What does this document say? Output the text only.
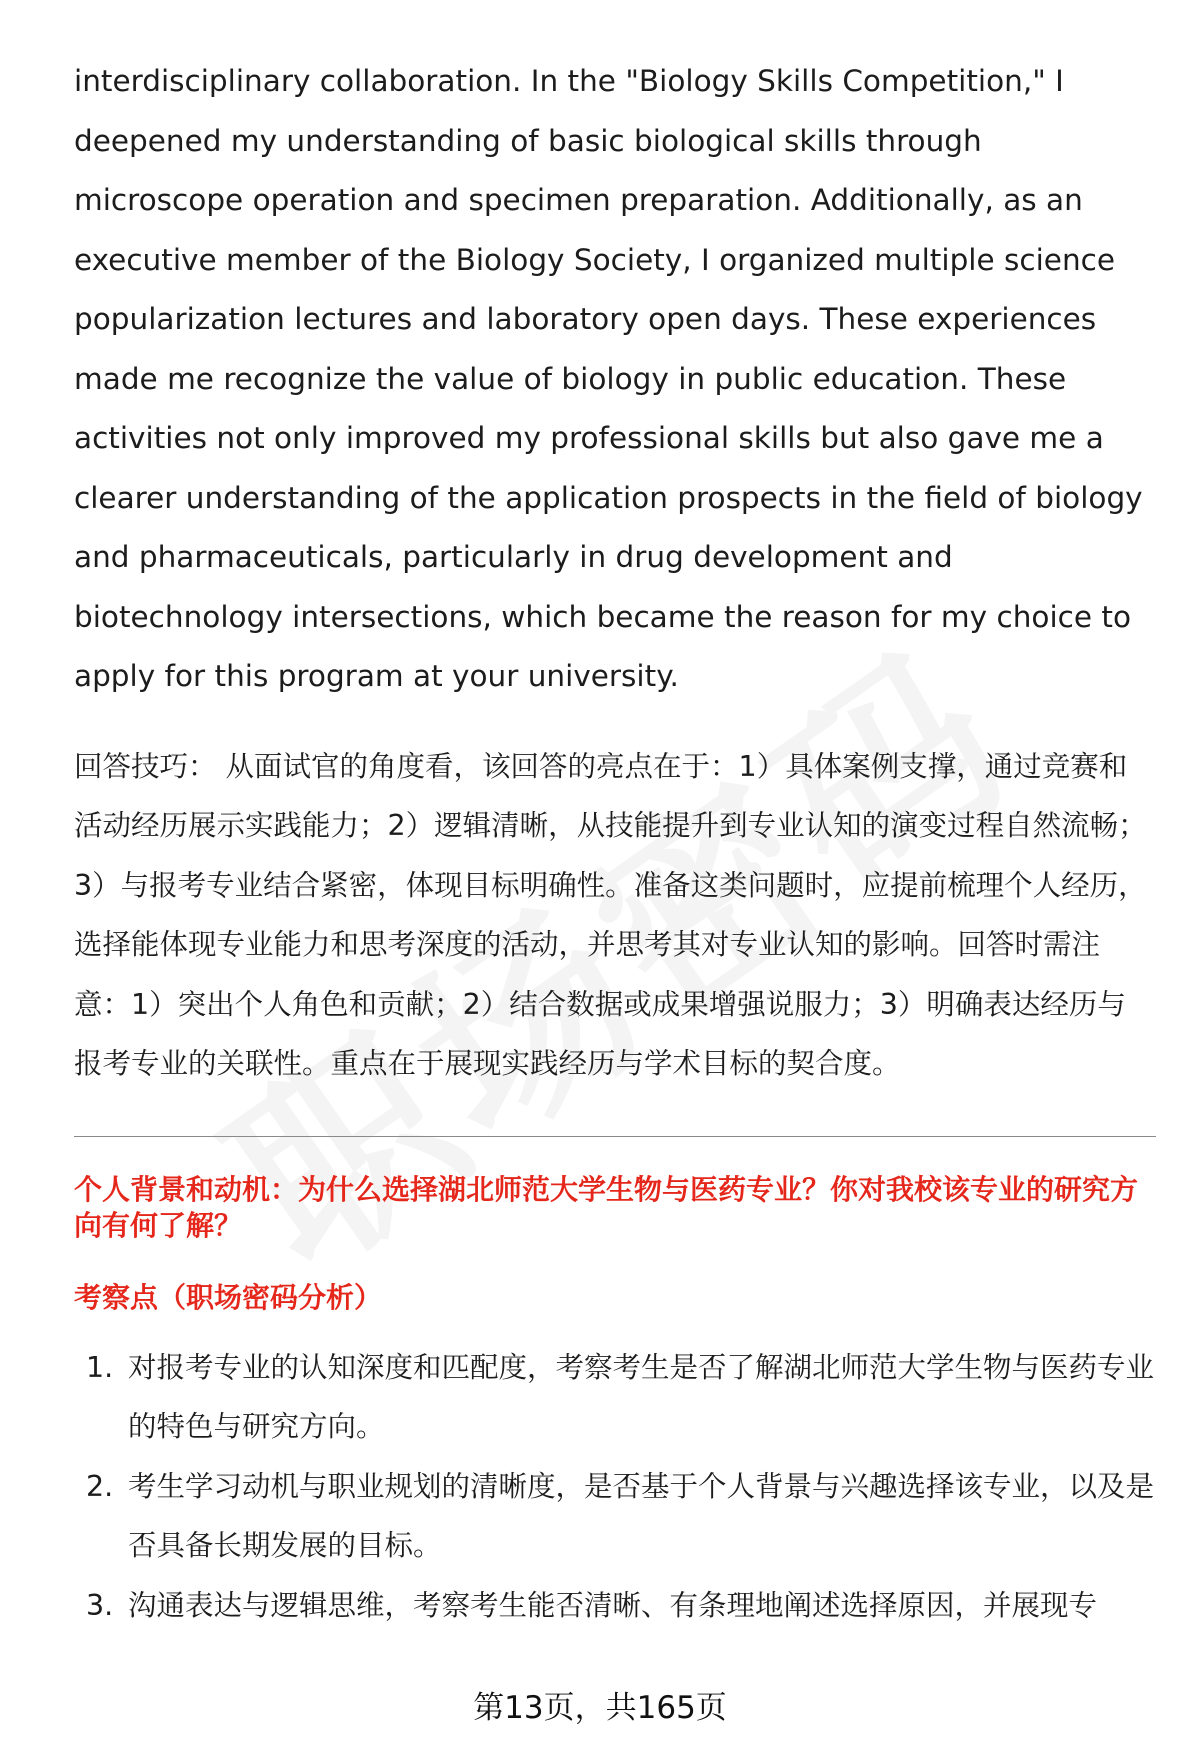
interdisciplinary collaboration. In the "Biology Skills Competition," I deepened my understanding of basic biological skills through microscope operation and specimen preparation. Additionally, as an executive member of the Biology Society, I organized multiple science popularization lectures and laboratory open days. These experiences made me recognize the value of biology in public education. These activities not only improved my professional skills but also gave me a clearer understanding of the application prospects in the field of biology and pharmaceuticals, particularly in drug development and biotechnology intersections, which became the reason for my choice to apply for this program at your university.

回答技巧： 从面试官的角度看，该回答的亮点在于：1）具体案例支撑，通过竞赛和活动经历展示实践能力；2）逻辑清晰，从技能提升到专业认知的演变过程自然流畅；3）与报考专业结合紧密，体现目标明确性。准备这类问题时，应提前梳理个人经历，选择能体现专业能力和思考深度的活动，并思考其对专业认知的影响。回答时需注意：1）突出个人角色和贡献；2）结合数据或成果增强说服力；3）明确表达经历与报考专业的关联性。重点在于展现实践经历与学术目标的契合度。

个人背景和动机：为什么选择湖北师范大学生物与医药专业？你对我校该专业的研究方向有何了解？
考察点（职场密码分析）
1. 对报考专业的认知深度和匹配度，考察考生是否了解湖北师范大学生物与医药专业的特色与研究方向。
2. 考生学习动机与职业规划的清晰度，是否基于个人背景与兴趣选择该专业，以及是否具备长期发展的目标。
3. 沟通表达与逻辑思维，考察考生能否清晰、有条理地阐述选择原因，并展现专
第13页，共165页
